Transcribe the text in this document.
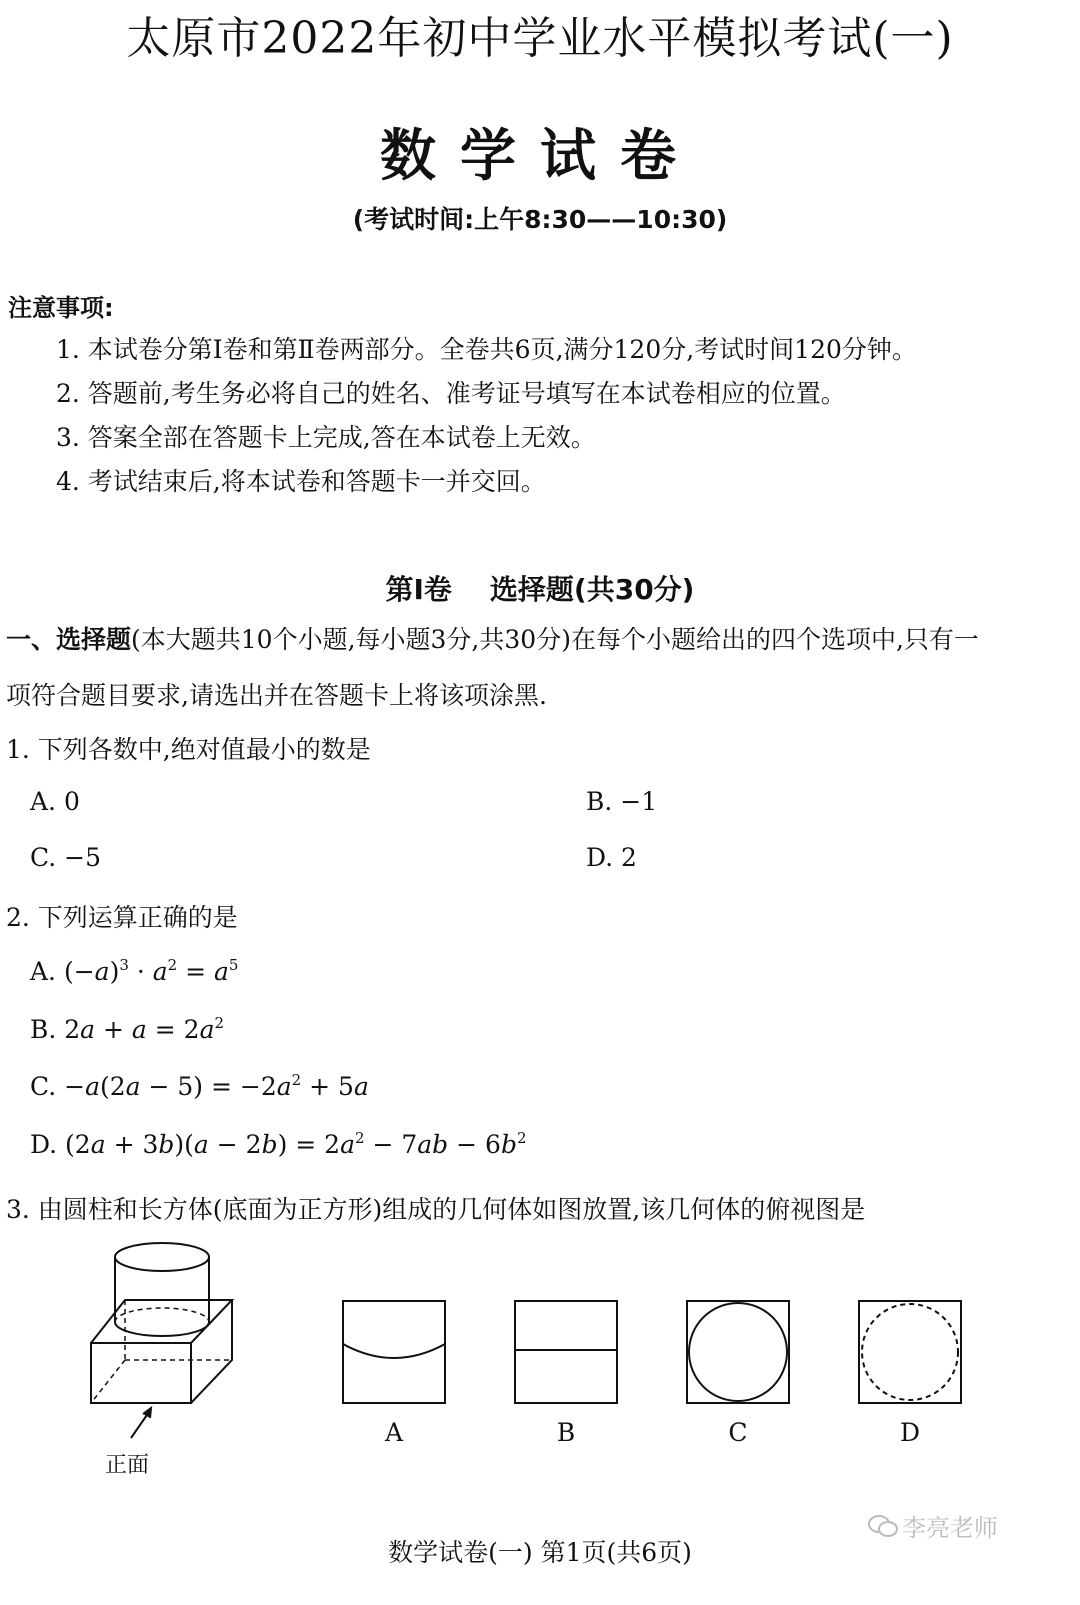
太原市2022年初中学业水平模拟考试(一)
数学试卷
(考试时间:上午8:30——10:30)
注意事项:
1. 本试卷分第Ⅰ卷和第Ⅱ卷两部分。全卷共6页,满分120分,考试时间120分钟。
2. 答题前,考生务必将自己的姓名、准考证号填写在本试卷相应的位置。
3. 答案全部在答题卡上完成,答在本试卷上无效。
4. 考试结束后,将本试卷和答题卡一并交回。
第Ⅰ卷 选择题(共30分)
一、选择题(本大题共10个小题,每小题3分,共30分)在每个小题给出的四个选项中,只有一
项符合题目要求,请选出并在答题卡上将该项涂黑.
1. 下列各数中,绝对值最小的数是
A. 0	B. −1
C. −5	D. 2
2. 下列运算正确的是
A. $(-a)^3 \cdot a^2 = a^5$
B. $2a + a = 2a^2$
C. $-a(2a - 5) = -2a^2 + 5a$
D. $(2a + 3b)(a - 2b) = 2a^2 - 7ab - 6b^2$
3. 由圆柱和长方体(底面为正方形)组成的几何体如图放置,该几何体的俯视图是
正面
A	B	C	D
李亮老师
数学试卷(一) 第1页(共6页)
